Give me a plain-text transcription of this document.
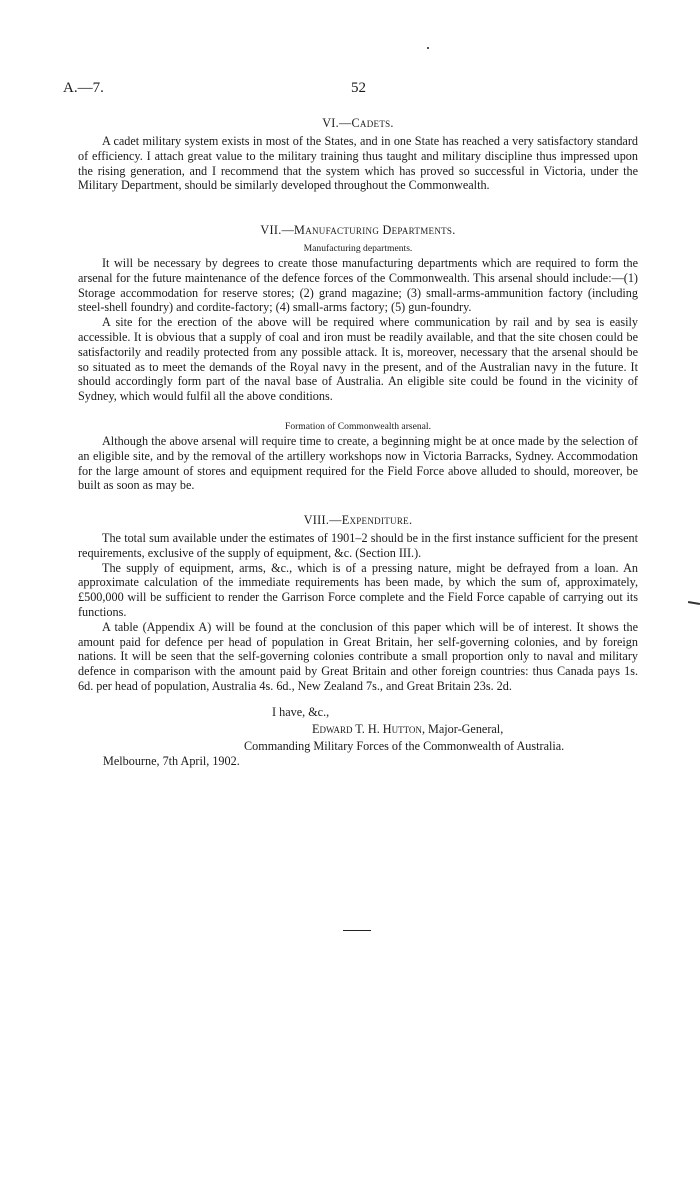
A.—7.	52
VI.—Cadets.

A cadet military system exists in most of the States, and in one State has reached a very satisfactory standard of efficiency. I attach great value to the military training thus taught and military discipline thus impressed upon the rising generation, and I recommend that the system which has proved so successful in Victoria, under the Military Department, should be similarly developed throughout the Commonwealth.

VII.—Manufacturing Departments.
Manufacturing departments.

It will be necessary by degrees to create those manufacturing departments which are required to form the arsenal for the future maintenance of the defence forces of the Commonwealth. This arsenal should include:—(1) Storage accommodation for reserve stores; (2) grand magazine; (3) small-arms-ammunition factory (including steel-shell foundry) and cordite-factory; (4) small-arms factory; (5) gun-foundry.

A site for the erection of the above will be required where communication by rail and by sea is easily accessible. It is obvious that a supply of coal and iron must be readily available, and that the site chosen could be satisfactorily and readily protected from any possible attack. It is, moreover, necessary that the arsenal should be so situated as to meet the demands of the Royal navy in the present, and of the Australian navy in the future. It should accordingly form part of the naval base of Australia. An eligible site could be found in the vicinity of Sydney, which would fulfil all the above conditions.

Formation of Commonwealth arsenal.

Although the above arsenal will require time to create, a beginning might be at once made by the selection of an eligible site, and by the removal of the artillery workshops now in Victoria Barracks, Sydney. Accommodation for the large amount of stores and equipment required for the Field Force above alluded to should, moreover, be built as soon as may be.

VIII.—Expenditure.

The total sum available under the estimates of 1901–2 should be in the first instance sufficient for the present requirements, exclusive of the supply of equipment, &c. (Section III.).

The supply of equipment, arms, &c., which is of a pressing nature, might be defrayed from a loan. An approximate calculation of the immediate requirements has been made, by which the sum of, approximately, £500,000 will be sufficient to render the Garrison Force complete and the Field Force capable of carrying out its functions.

A table (Appendix A) will be found at the conclusion of this paper which will be of interest. It shows the amount paid for defence per head of population in Great Britain, her self-governing colonies, and by foreign nations. It will be seen that the self-governing colonies contribute a small proportion only to naval and military defence in comparison with the amount paid by Great Britain and other foreign countries: thus Canada pays 1s. 6d. per head of population, Australia 4s. 6d., New Zealand 7s., and Great Britain 23s. 2d.

I have, &c.,
Edward T. H. Hutton, Major-General,
Commanding Military Forces of the Commonwealth of Australia.
Melbourne, 7th April, 1902.
